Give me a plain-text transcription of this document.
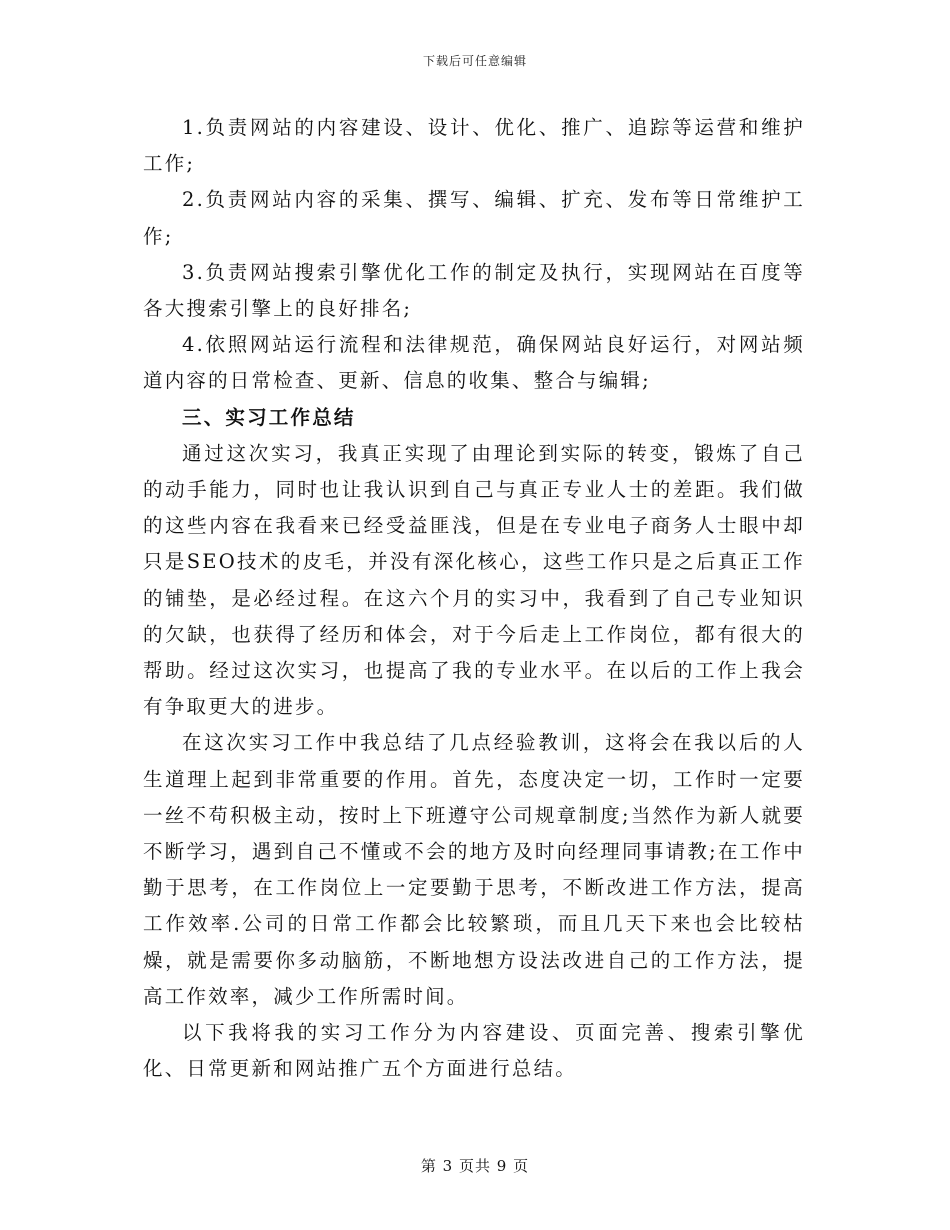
下载后可任意编辑

1.负责网站的内容建设、设计、优化、推广、追踪等运营和维护工作;

2.负责网站内容的采集、撰写、编辑、扩充、发布等日常维护工作;

3.负责网站搜索引擎优化工作的制定及执行，实现网站在百度等各大搜索引擎上的良好排名;

4.依照网站运行流程和法律规范，确保网站良好运行，对网站频道内容的日常检查、更新、信息的收集、整合与编辑;

三、实习工作总结

通过这次实习，我真正实现了由理论到实际的转变，锻炼了自己的动手能力，同时也让我认识到自己与真正专业人士的差距。我们做的这些内容在我看来已经受益匪浅，但是在专业电子商务人士眼中却只是SEO技术的皮毛，并没有深化核心，这些工作只是之后真正工作的铺垫，是必经过程。在这六个月的实习中，我看到了自己专业知识的欠缺，也获得了经历和体会，对于今后走上工作岗位，都有很大的帮助。经过这次实习，也提高了我的专业水平。在以后的工作上我会有争取更大的进步。

在这次实习工作中我总结了几点经验教训，这将会在我以后的人生道理上起到非常重要的作用。首先，态度决定一切，工作时一定要一丝不苟积极主动，按时上下班遵守公司规章制度;当然作为新人就要不断学习，遇到自己不懂或不会的地方及时向经理同事请教;在工作中勤于思考，在工作岗位上一定要勤于思考，不断改进工作方法，提高工作效率.公司的日常工作都会比较繁琐，而且几天下来也会比较枯燥，就是需要你多动脑筋，不断地想方设法改进自己的工作方法，提高工作效率，减少工作所需时间。

以下我将我的实习工作分为内容建设、页面完善、搜索引擎优化、日常更新和网站推广五个方面进行总结。

第 3 页共 9 页
